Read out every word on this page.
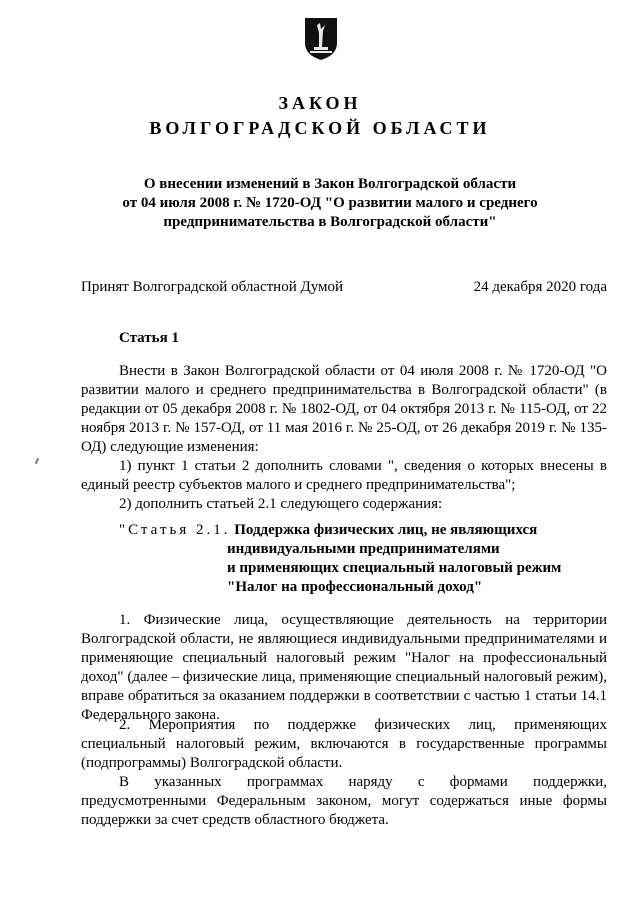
ЗАКОН
ВОЛГОГРАДСКОЙ ОБЛАСТИ
О внесении изменений в Закон Волгоградской области
от 04 июля 2008 г. № 1720-ОД "О развитии малого и среднего
предпринимательства в Волгоградской области"
Принят Волгоградской областной Думой	24 декабря 2020 года
Статья 1

Внести в Закон Волгоградской области от 04 июля 2008 г. № 1720-ОД "О развитии малого и среднего предпринимательства в Волгоградской области" (в редакции от 05 декабря 2008 г. № 1802-ОД, от 04 октября 2013 г. № 115-ОД, от 22 ноября 2013 г. № 157-ОД, от 11 мая 2016 г. № 25-ОД, от 26 декабря 2019 г. № 135-ОД) следующие изменения:

1) пункт 1 статьи 2 дополнить словами ", сведения о которых внесены в единый реестр субъектов малого и среднего предпринимательства";

2) дополнить статьей 2.1 следующего содержания:

"Статья 2.1. Поддержка физических лиц, не являющихся
индивидуальными предпринимателями
и применяющих специальный налоговый режим
"Налог на профессиональный доход"

1. Физические лица, осуществляющие деятельность на территории Волгоградской области, не являющиеся индивидуальными предпринимателями и применяющие специальный налоговый режим "Налог на профессиональный доход" (далее – физические лица, применяющие специальный налоговый режим), вправе обратиться за оказанием поддержки в соответствии с частью 1 статьи 14.1 Федерального закона.

2. Мероприятия по поддержке физических лиц, применяющих специальный налоговый режим, включаются в государственные программы (подпрограммы) Волгоградской области.

В указанных программах наряду с формами поддержки, предусмотренными Федеральным законом, могут содержаться иные формы поддержки за счет средств областного бюджета.
